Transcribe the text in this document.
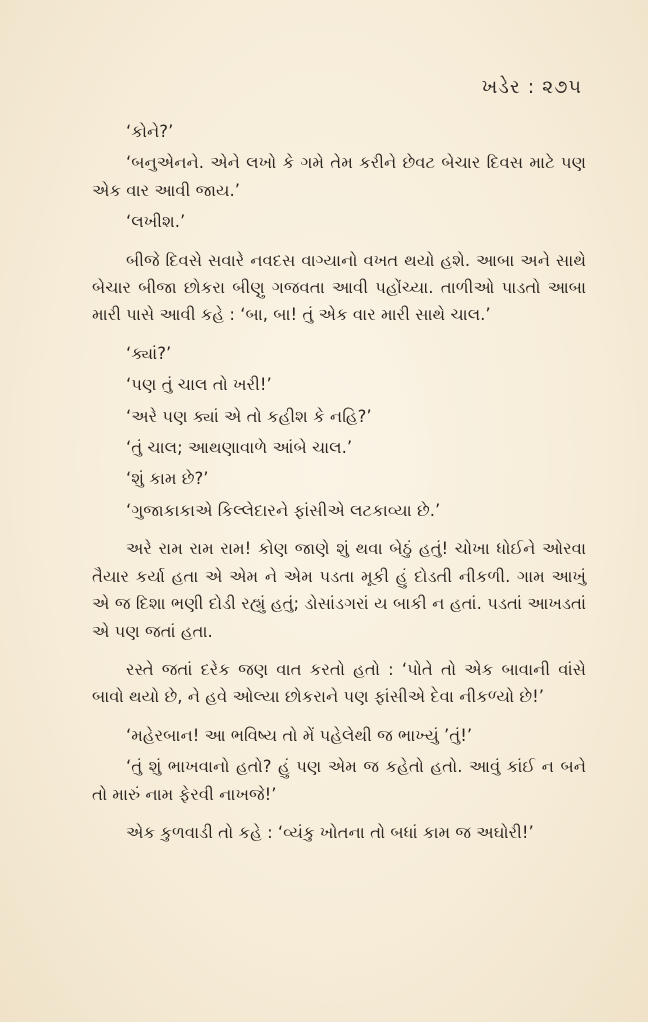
ખડેર : ૨૭૫

‘કોને?’

‘બનુએનને. એને લખો કે ગમે તેમ કરીને છેવટ બેચાર દિવસ માટે પણ એક વાર આવી જાય.’

‘લખીશ.’

બીજે દિવસે સવારે નવદસ વાગ્યાનો વખત થયો હશે. આબા અને સાથે બેચાર બીજા છોકરા બીણુ ગજવતા આવી પહોંચ્યા. તાળીઓ પાડતો આબા મારી પાસે આવી કહે : ‘બા, બા! તું એક વાર મારી સાથે ચાલ.’

‘ક્યાં?’

‘પણ તું ચાલ તો ખરી!’

‘અરે પણ ક્યાં એ તો કહીશ કે નહિ?’

‘તું ચાલ; આથણાવાળે આંબે ચાલ.’

‘શું કામ છે?’

‘ગુજાકાકાએ કિલ્લેદારને ફાંસીએ લટકાવ્યા છે.’

અરે રામ રામ રામ! કોણ જાણે શું થવા બેઠું હતું! ચોખા ધોઈને ઓરવા તૈયાર કર્યા હતા એ એમ ને એમ પડતા મૂકી હું દોડતી નીકળી. ગામ આખું એ જ દિશા ભણી દોડી રહ્યું હતું; ડોસાંડગરાં ય બાકી ન હતાં. પડતાં આખડતાં એ પણ જતાં હતા.

રસ્તે જતાં દરેક જણ વાત કરતો હતો : ‘પોતે તો એક બાવાની વાંસે બાવો થયો છે, ને હવે ઓલ્યા છોકરાને પણ ફાંસીએ દેવા નીકળ્યો છે!’

‘મહેરબાન! આ ભવિષ્ય તો મેં પહેલેથી જ ભાખ્યું ’તું!’

‘તું શું ભાખવાનો હતો? હું પણ એમ જ કહેતો હતો. આવું કાંઈ ન બને તો મારું નામ ફેરવી નાખજે!’

એક કુળવાડી તો કહે : ‘વ્યંકુ ખોતના તો બધાં કામ જ અઘોરી!’
